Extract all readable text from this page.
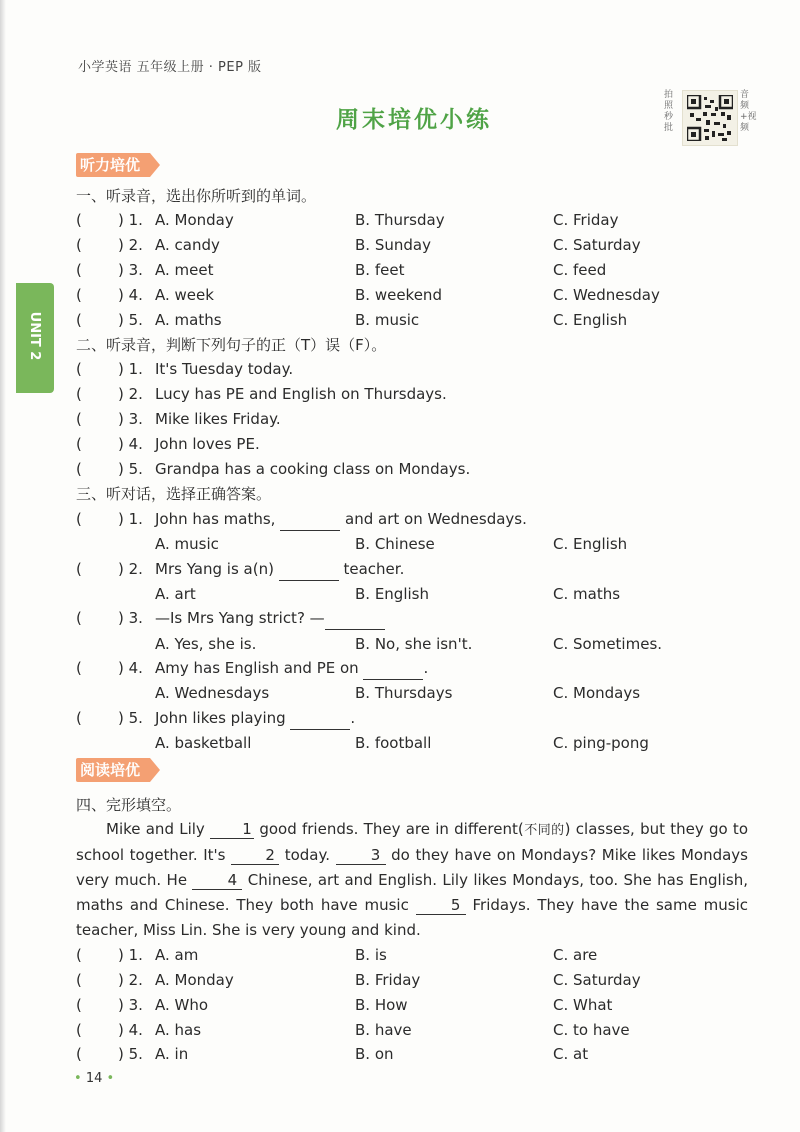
小学英语 五年级上册 · PEP 版
周末培优小练
拍照秒批
音频+视频
UNIT 2
听力培优
一、听录音，选出你所听到的单词。
( ) 1. A. Monday	B. Thursday	C. Friday
( ) 2. A. candy	B. Sunday	C. Saturday
( ) 3. A. meet	B. feet	C. feed
( ) 4. A. week	B. weekend	C. Wednesday
( ) 5. A. maths	B. music	C. English
二、听录音，判断下列句子的正（T）误（F）。
( ) 1. It's Tuesday today.
( ) 2. Lucy has PE and English on Thursdays.
( ) 3. Mike likes Friday.
( ) 4. John loves PE.
( ) 5. Grandpa has a cooking class on Mondays.
三、听对话，选择正确答案。
( ) 1. John has maths,     	and art on Wednesdays.
A. music	B. Chinese	C. English
( ) 2. Mrs Yang is a(n)     	teacher.
A. art	B. English	C. maths
( ) 3. —Is Mrs Yang strict? —    
A. Yes, she is.	B. No, she isn't.	C. Sometimes.
( ) 4. Amy has English and PE on     	.
A. Wednesdays	B. Thursdays	C. Mondays
( ) 5. John likes playing     	.
A. basketball	B. football	C. ping-pong
阅读培优
四、完形填空。
Mike and Lily 1 good friends. They are in different(不同的) classes, but they go to school together. It's	2 today.	3 do they have on Mondays? Mike likes Mondays very much. He	4 Chinese, art and English. Lily likes Mondays, too. She has English, maths and Chinese. They both have music	5 Fridays. They have the same music teacher, Miss Lin. She is very young and kind.
( ) 1. A. am	B. is	C. are
( ) 2. A. Monday	B. Friday	C. Saturday
( ) 3. A. Who	B. How	C. What
( ) 4. A. has	B. have	C. to have
( ) 5. A. in	B. on	C. at
• 14 •
